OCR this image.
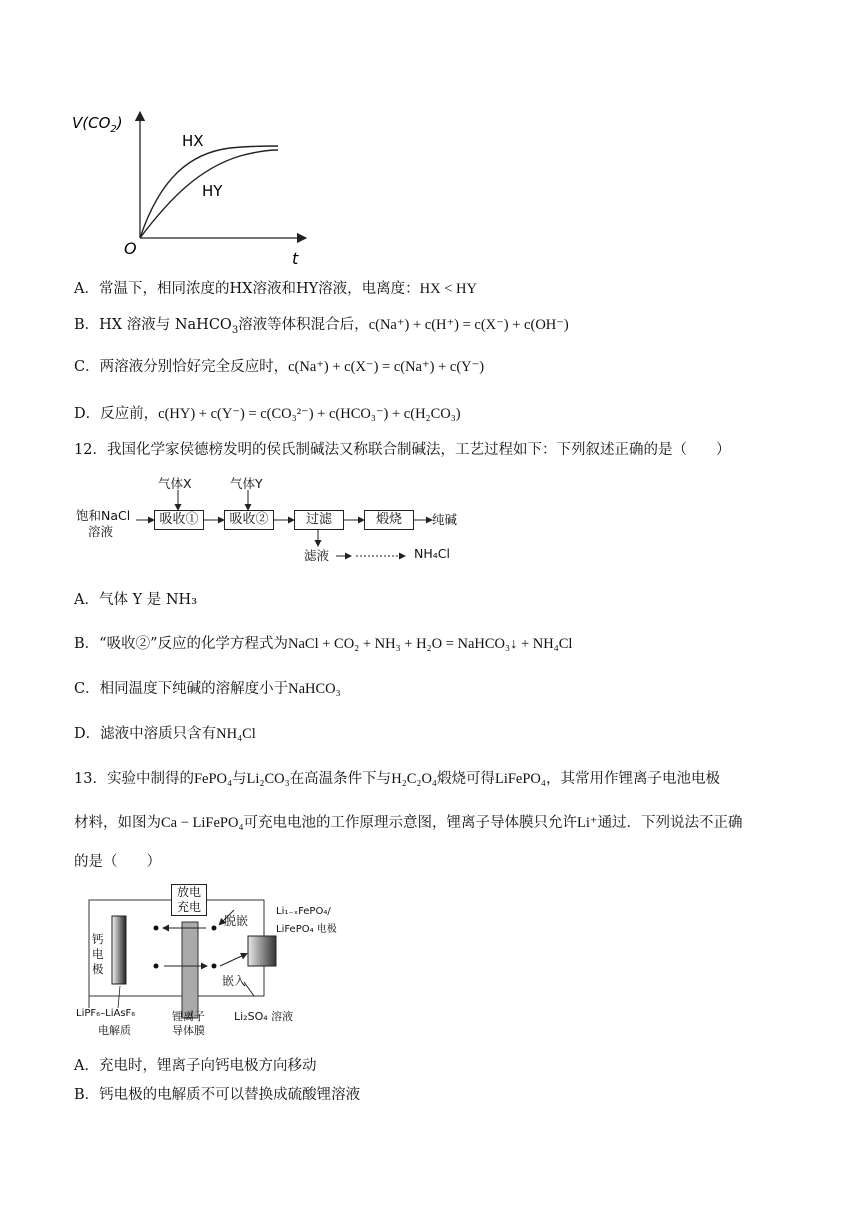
$V(CO_2)$
HX
HY
O
t
A．常温下，相同浓度的HX溶液和HY溶液，电离度：HX < HY
B．HX 溶液与 NaHCO$_3$溶液等体积混合后，c(Na⁺) + c(H⁺) = c(X⁻) + c(OH⁻)
C．两溶液分别恰好完全反应时，c(Na⁺) + c(X⁻) = c(Na⁺) + c(Y⁻)
D．反应前，c(HY) + c(Y⁻) = c(CO₃²⁻) + c(HCO₃⁻) + c(H₂CO₃)
12．我国化学家侯德榜发明的侯氏制碱法又称联合制碱法，工艺过程如下：下列叙述正确的是（　　）
饱和NaCl
溶液
气体X	气体Y
吸收①	吸收②	过滤	煅烧	纯碱
滤液	NH₄Cl
A．气体 Y 是 NH₃
B．“吸收②”反应的化学方程式为NaCl + CO₂ + NH₃ + H₂O = NaHCO₃↓ + NH₄Cl
C．相同温度下纯碱的溶解度小于NaHCO₃
D．滤液中溶质只含有NH₄Cl
13．实验中制得的FePO₄与Li₂CO₃在高温条件下与H₂C₂O₄煅烧可得LiFePO₄，其常用作锂离子电池电极
材料，如图为Ca − LiFePO₄可充电电池的工作原理示意图，锂离子导体膜只允许Li⁺通过．下列说法不正确
的是（　　）
放电
充电
脱嵌
嵌入
Li₁₋ₓFePO₄/
LiFePO₄ 电极
钙
电
极
LiPF₆–LiAsF₆
电解质
锂离子
导体膜
Li₂SO₄ 溶液
A．充电时，锂离子向钙电极方向移动
B．钙电极的电解质不可以替换成硫酸锂溶液
